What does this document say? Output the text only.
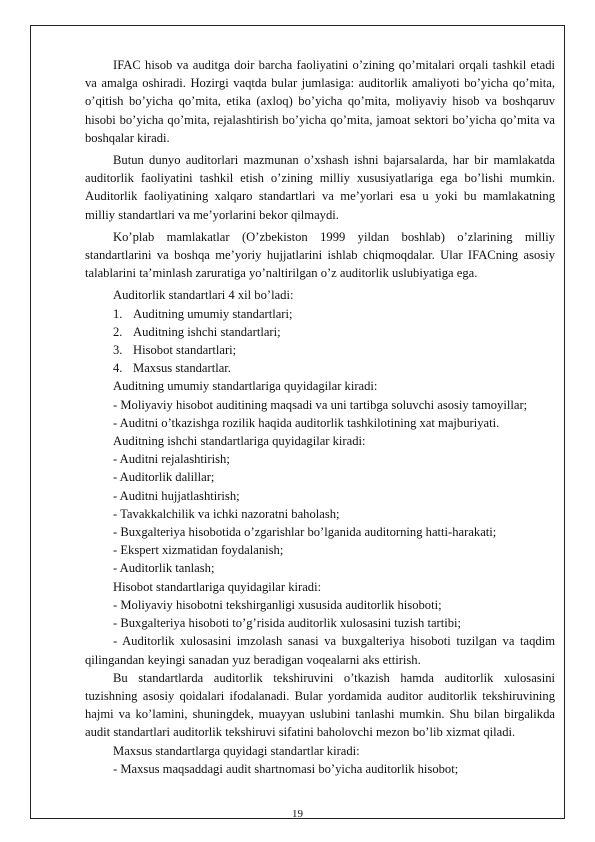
IFAC hisob va auditga doir barcha faoliyatini o’zining qo’mitalari orqali tashkil etadi va amalga oshiradi. Hozirgi vaqtda bular jumlasiga: auditorlik amaliyoti bo’yicha qo’mita, o’qitish bo’yicha qo’mita, etika (axloq) bo’yicha qo’mita, moliyaviy hisob va boshqaruv hisobi bo’yicha qo’mita, rejalashtirish bo’yicha qo’mita, jamoat sektori bo’yicha qo’mita va boshqalar kiradi.

Butun dunyo auditorlari mazmunan o’xshash ishni bajarsalarda, har bir mamlakatda auditorlik faoliyatini tashkil etish o’zining milliy xususiyatlariga ega bo’lishi mumkin. Auditorlik faoliyatining xalqaro standartlari va me’yorlari esa u yoki bu mamlakatning milliy standartlari va me’yorlarini bekor qilmaydi.

Ko’plab mamlakatlar (O’zbekiston 1999 yildan boshlab) o’zlarining milliy standartlarini va boshqa me’yoriy hujjatlarini ishlab chiqmoqdalar. Ular IFACning asosiy talablarini ta’minlash zaruratiga yo’naltirilgan o’z auditorlik uslubiyatiga ega.

Auditorlik standartlari 4 xil bo’ladi:

1. Auditning umumiy standartlari;
2. Auditning ishchi standartlari;
3. Hisobot standartlari;
4. Maxsus standartlar.

Auditning umumiy standartlariga quyidagilar kiradi:

- Moliyaviy hisobot auditining maqsadi va uni tartibga soluvchi asosiy tamoyillar;

- Auditni o’tkazishga rozilik haqida auditorlik tashkilotining xat majburiyati.

Auditning ishchi standartlariga quyidagilar kiradi:

- Auditni rejalashtirish;

- Auditorlik dalillar;

- Auditni hujjatlashtirish;

- Tavakkalchilik va ichki nazoratni baholash;

- Buxgalteriya hisobotida o’zgarishlar bo’lganida auditorning hatti-harakati;

- Ekspert xizmatidan foydalanish;

- Auditorlik tanlash;

Hisobot standartlariga quyidagilar kiradi:

- Moliyaviy hisobotni tekshirganligi xususida auditorlik hisoboti;

- Buxgalteriya hisoboti to’g’risida auditorlik xulosasini tuzish tartibi;

- Auditorlik xulosasini imzolash sanasi va buxgalteriya hisoboti tuzilgan va taqdim qilingandan keyingi sanadan yuz beradigan voqealarni aks ettirish.

Bu standartlarda auditorlik tekshiruvini o’tkazish hamda auditorlik xulosasini tuzishning asosiy qoidalari ifodalanadi. Bular yordamida auditor auditorlik tekshiruvining hajmi va ko’lamini, shuningdek, muayyan uslubini tanlashi mumkin. Shu bilan birgalikda audit standartlari auditorlik tekshiruvi sifatini baholovchi mezon bo’lib xizmat qiladi.

Maxsus standartlarga quyidagi standartlar kiradi:

- Maxsus maqsaddagi audit shartnomasi bo’yicha auditorlik hisobot;

19
